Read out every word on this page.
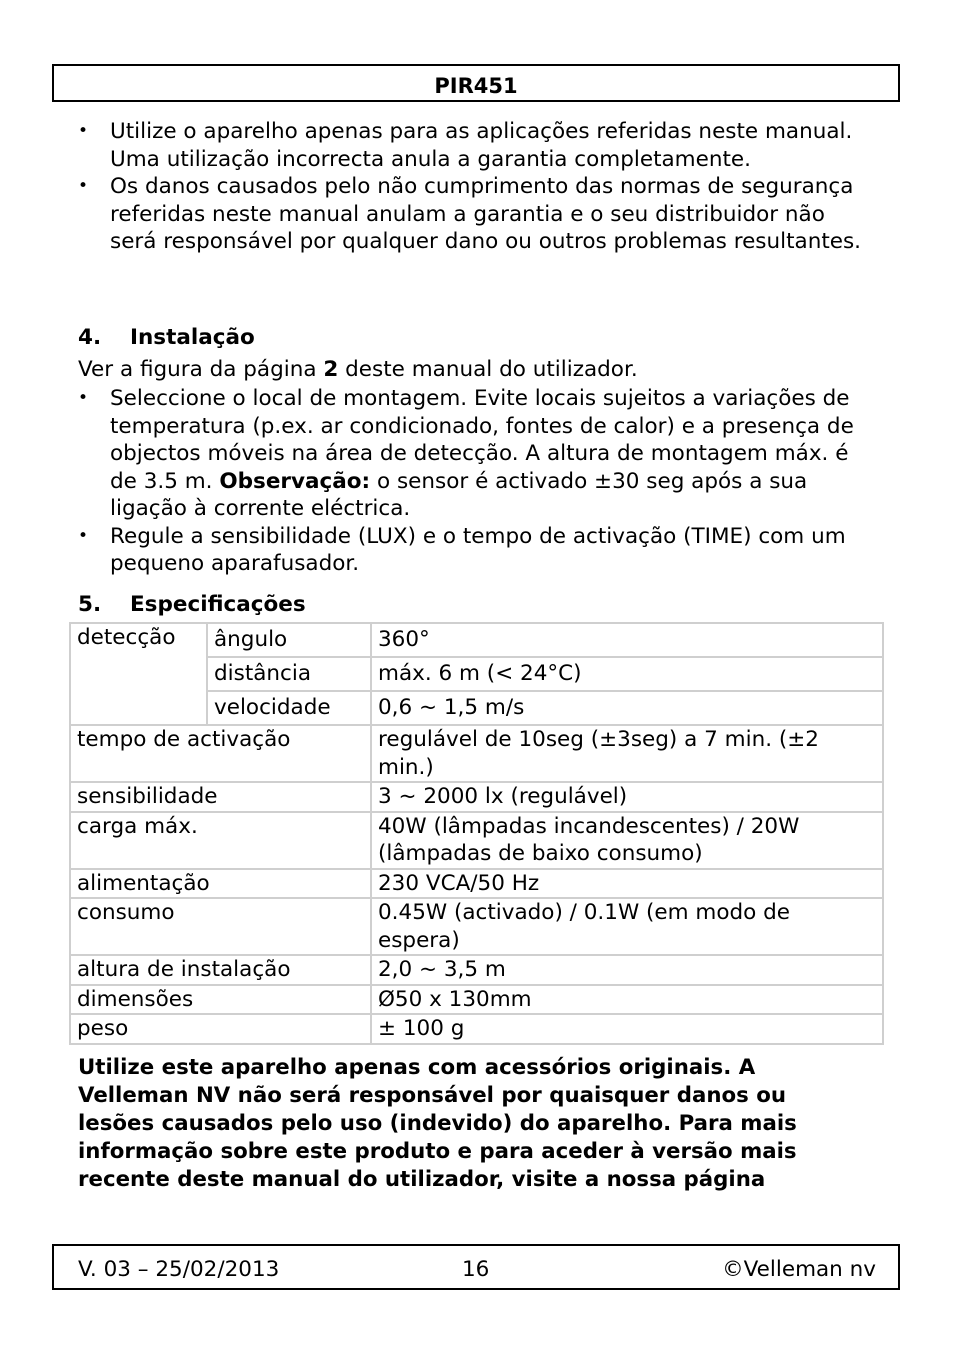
PIR451
• Utilize o aparelho apenas para as aplicações referidas neste manual. Uma utilização incorrecta anula a garantia completamente.
• Os danos causados pelo não cumprimento das normas de segurança referidas neste manual anulam a garantia e o seu distribuidor não será responsável por qualquer dano ou outros problemas resultantes.
4. Instalação
Ver a figura da página 2 deste manual do utilizador.
• Seleccione o local de montagem. Evite locais sujeitos a variações de temperatura (p.ex. ar condicionado, fontes de calor) e a presença de objectos móveis na área de detecção. A altura de montagem máx. é de 3.5 m. Observação: o sensor é activado ±30 seg após a sua ligação à corrente eléctrica.
• Regule a sensibilidade (LUX) e o tempo de activação (TIME) com um pequeno aparafusador.
5. Especificações
detecção	ângulo	360°
	distância	máx. 6 m (< 24°C)
	velocidade	0,6 ~ 1,5 m/s
tempo de activação		regulável de 10seg (±3seg) a 7 min. (±2 min.)
sensibilidade		3 ~ 2000 lx (regulável)
carga máx.		40W (lâmpadas incandescentes) / 20W (lâmpadas de baixo consumo)
alimentação		230 VCA/50 Hz
consumo		0.45W (activado) / 0.1W (em modo de espera)
altura de instalação		2,0 ~ 3,5 m
dimensões		Ø50 x 130mm
peso		± 100 g
Utilize este aparelho apenas com acessórios originais. A Velleman NV não será responsável por quaisquer danos ou lesões causados pelo uso (indevido) do aparelho. Para mais informação sobre este produto e para aceder à versão mais recente deste manual do utilizador, visite a nossa página
V. 03 – 25/02/2013	16	©Velleman nv
